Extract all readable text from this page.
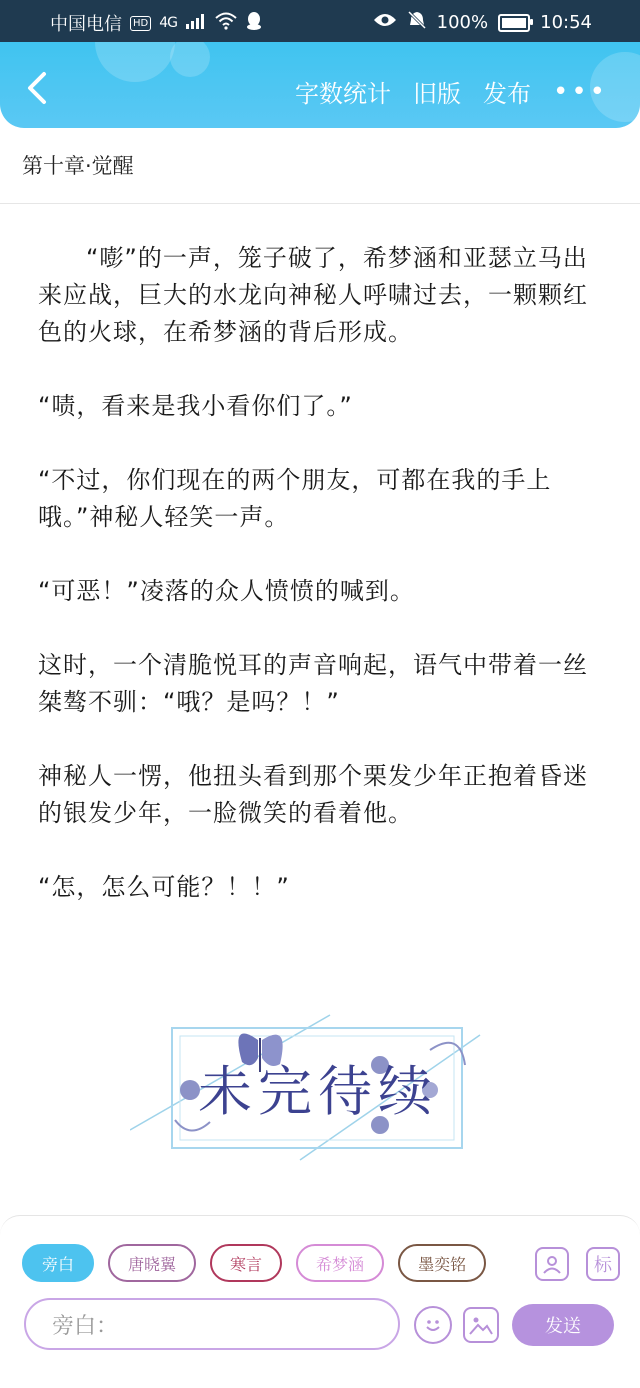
中国电信	HD 4G	100%	10:54
字数统计 旧版 发布 •••
第十章·觉醒

“嘭”的一声，笼子破了，希梦涵和亚瑟立马出来应战，巨大的水龙向神秘人呼啸过去，一颗颗红色的火球，在希梦涵的背后形成。

“啧，看来是我小看你们了。”

“不过，你们现在的两个朋友，可都在我的手上哦。”神秘人轻笑一声。

“可恶！”凌落的众人愤愤的喊到。

这时，一个清脆悦耳的声音响起，语气中带着一丝桀骜不驯：“哦？是吗？！”

神秘人一愣，他扭头看到那个栗发少年正抱着昏迷的银发少年，一脸微笑的看着他。

“怎，怎么可能？！！”

未完待续
旁白	唐晓翼	寒言	希梦涵	墨奕铭	标
旁白：	发送
